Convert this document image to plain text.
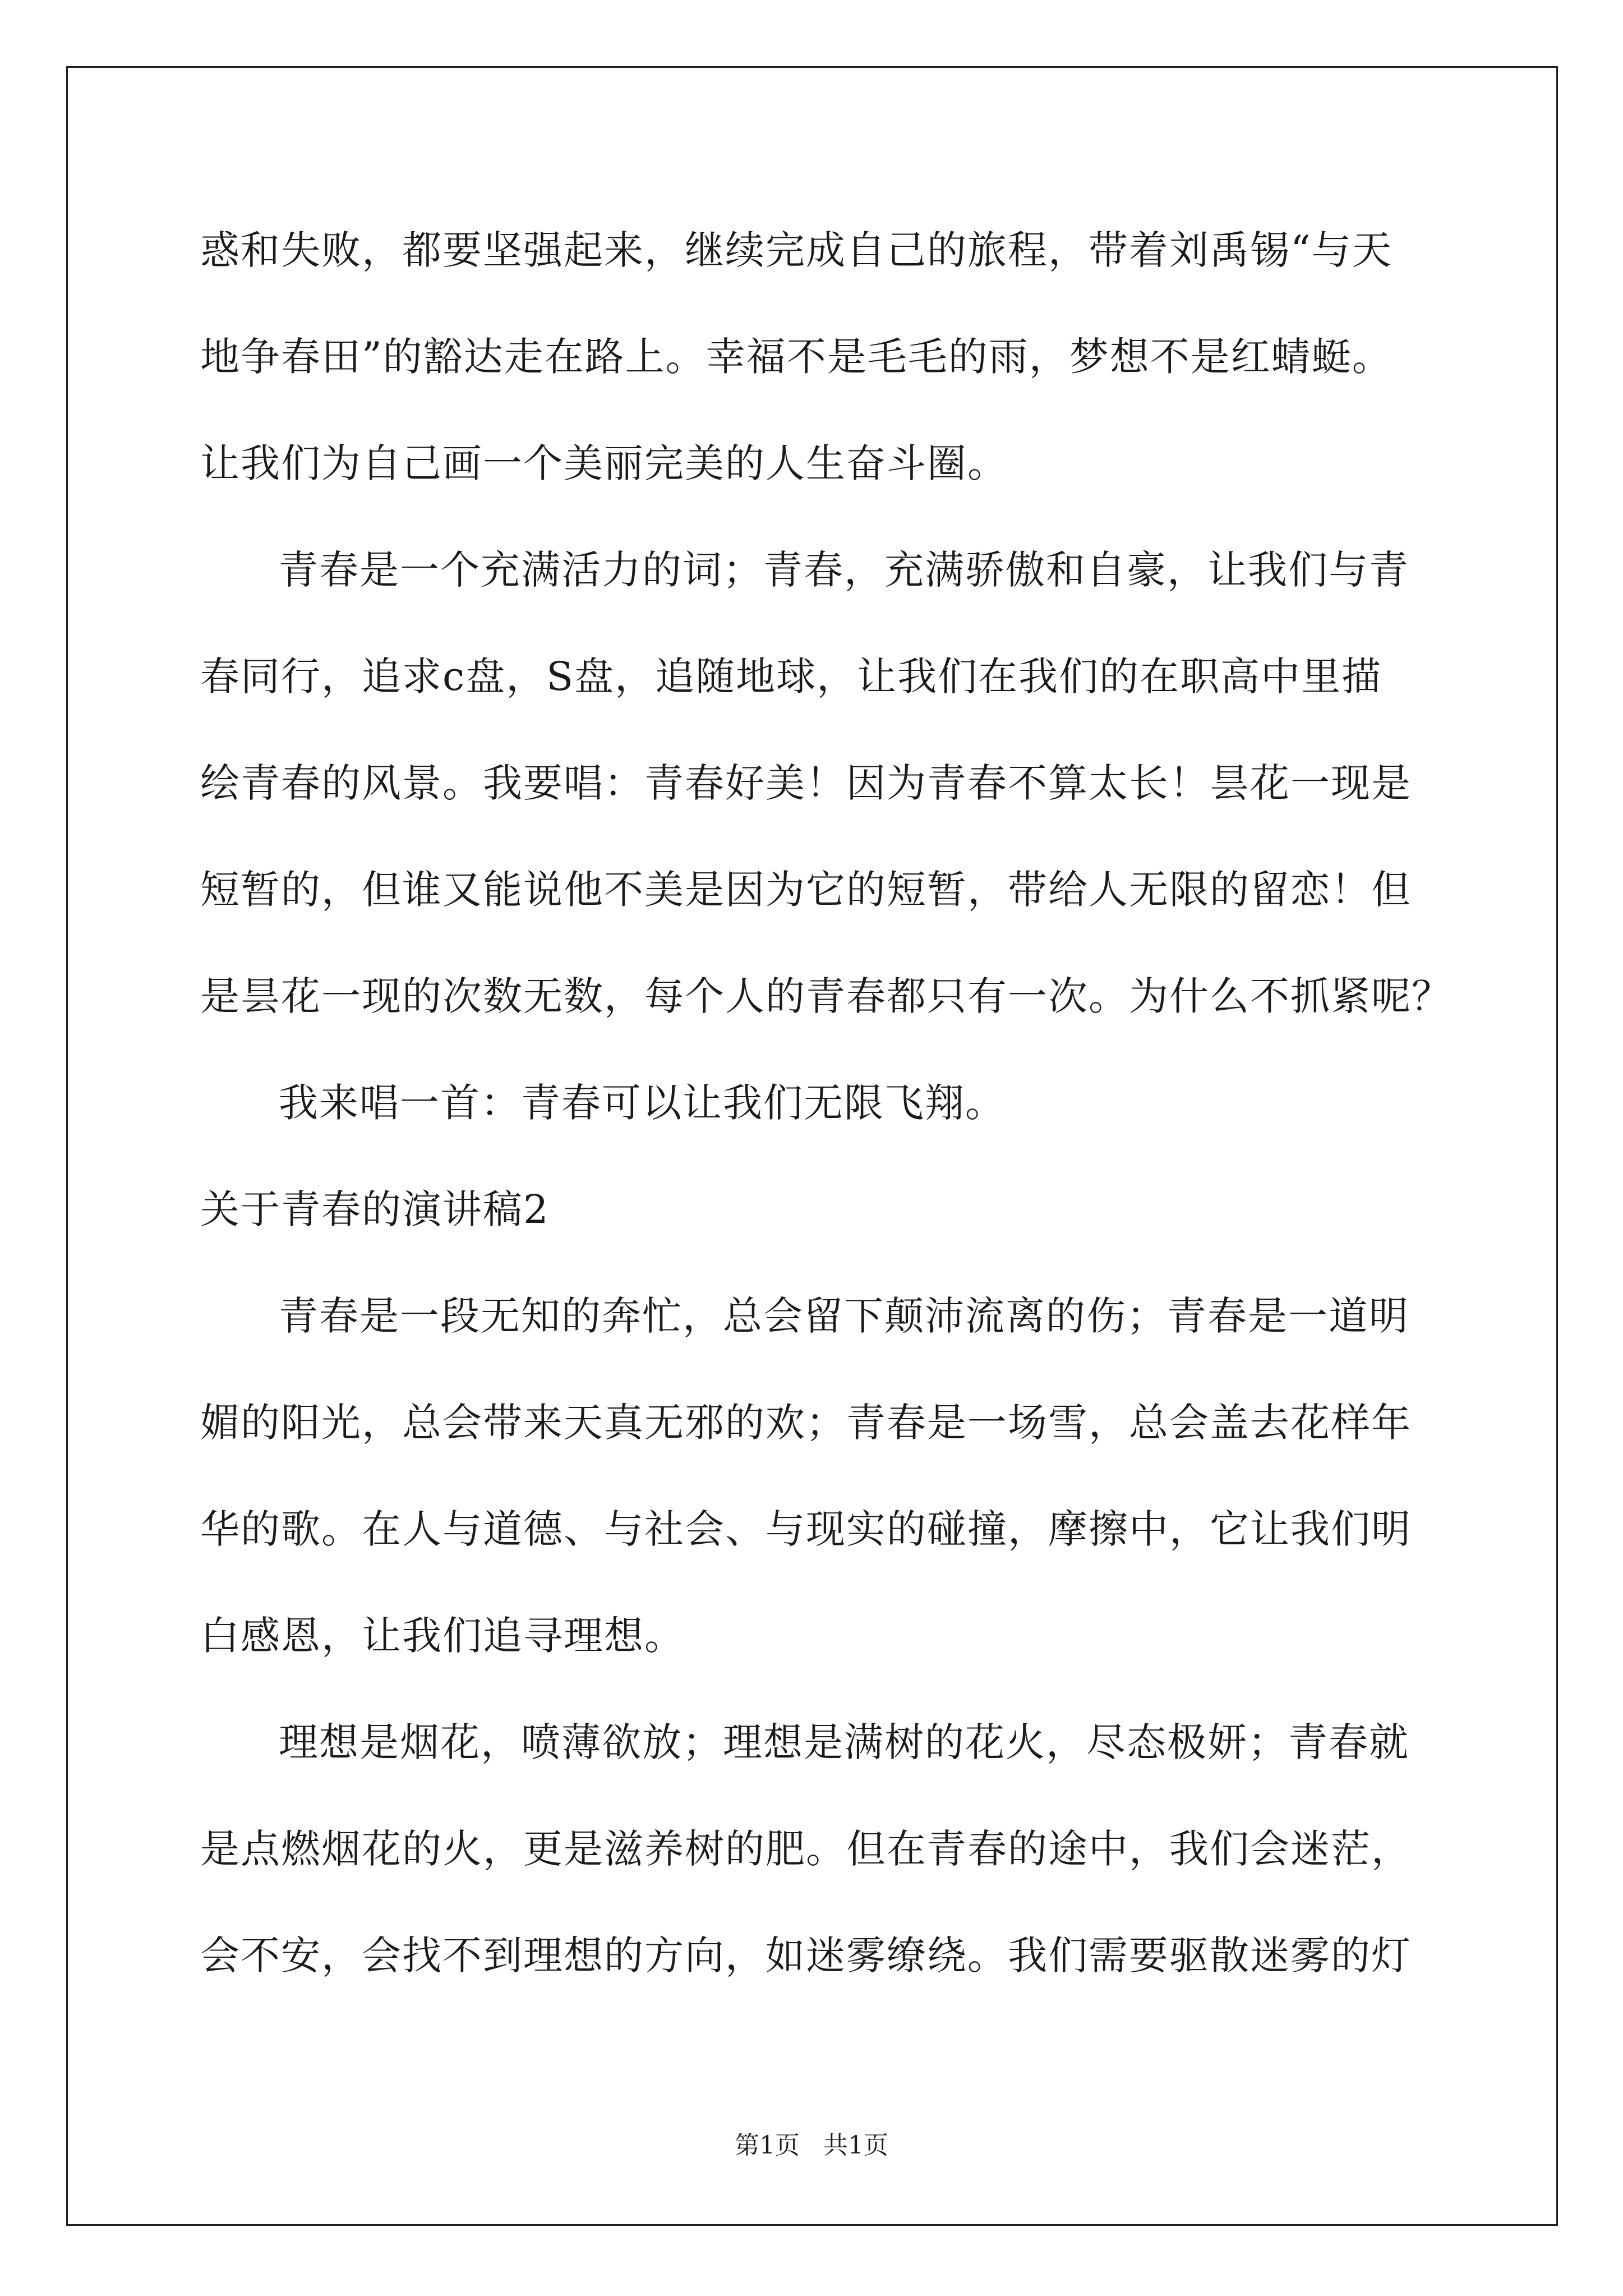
惑和失败，都要坚强起来，继续完成自己的旅程，带着刘禹锡“与天
地争春田”的豁达走在路上。幸福不是毛毛的雨，梦想不是红蜻蜓。
让我们为自己画一个美丽完美的人生奋斗圈。
青春是一个充满活力的词；青春，充满骄傲和自豪，让我们与青
春同行，追求c盘，S盘，追随地球，让我们在我们的在职高中里描
绘青春的风景。我要唱：青春好美！因为青春不算太长！昙花一现是
短暂的，但谁又能说他不美是因为它的短暂，带给人无限的留恋！但
是昙花一现的次数无数，每个人的青春都只有一次。为什么不抓紧呢？
我来唱一首：青春可以让我们无限飞翔。
关于青春的演讲稿2
青春是一段无知的奔忙，总会留下颠沛流离的伤；青春是一道明
媚的阳光，总会带来天真无邪的欢；青春是一场雪，总会盖去花样年
华的歌。在人与道德、与社会、与现实的碰撞，摩擦中，它让我们明
白感恩，让我们追寻理想。
理想是烟花，喷薄欲放；理想是满树的花火，尽态极妍；青春就
是点燃烟花的火，更是滋养树的肥。但在青春的途中，我们会迷茫，
会不安，会找不到理想的方向，如迷雾缭绕。我们需要驱散迷雾的灯
第1页 共1页
